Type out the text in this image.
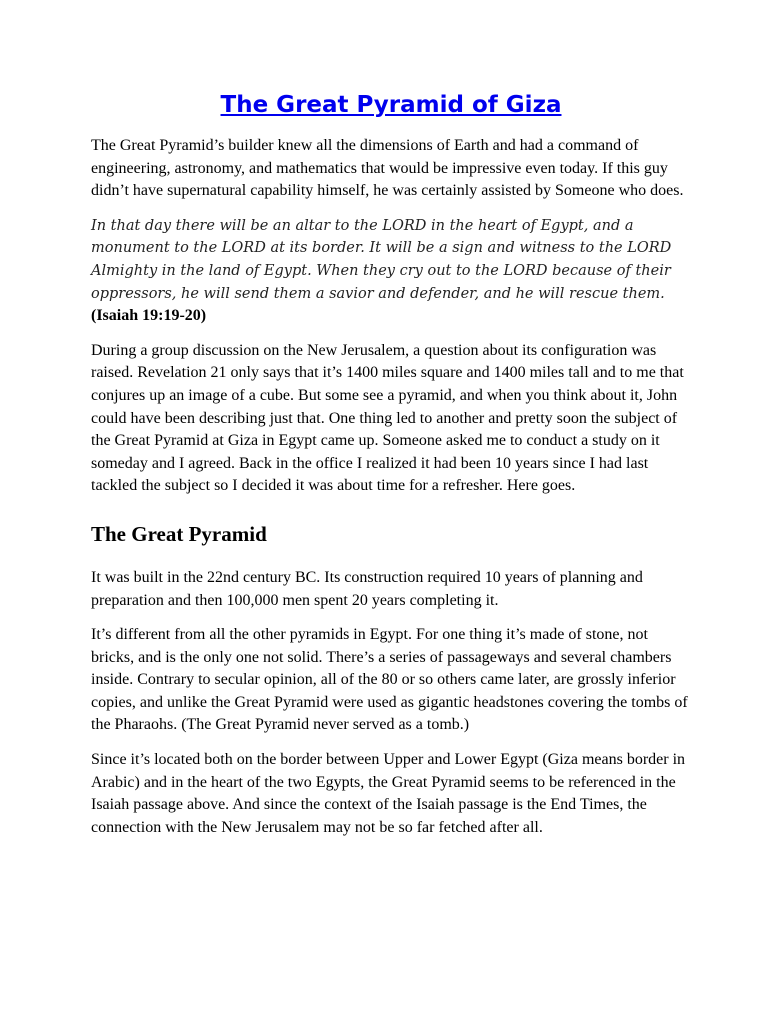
The Great Pyramid of Giza

The Great Pyramid’s builder knew all the dimensions of Earth and had a command of engineering, astronomy, and mathematics that would be impressive even today. If this guy didn’t have supernatural capability himself, he was certainly assisted by Someone who does.

In that day there will be an altar to the LORD in the heart of Egypt, and a monument to the LORD at its border. It will be a sign and witness to the LORD Almighty in the land of Egypt. When they cry out to the LORD because of their oppressors, he will send them a savior and defender, and he will rescue them.

(Isaiah 19:19-20)

During a group discussion on the New Jerusalem, a question about its configuration was raised. Revelation 21 only says that it’s 1400 miles square and 1400 miles tall and to me that conjures up an image of a cube. But some see a pyramid, and when you think about it, John could have been describing just that. One thing led to another and pretty soon the subject of the Great Pyramid at Giza in Egypt came up. Someone asked me to conduct a study on it someday and I agreed. Back in the office I realized it had been 10 years since I had last tackled the subject so I decided it was about time for a refresher. Here goes.

The Great Pyramid

It was built in the 22nd century BC. Its construction required 10 years of planning and preparation and then 100,000 men spent 20 years completing it.

It’s different from all the other pyramids in Egypt. For one thing it’s made of stone, not bricks, and is the only one not solid. There’s a series of passageways and several chambers inside. Contrary to secular opinion, all of the 80 or so others came later, are grossly inferior copies, and unlike the Great Pyramid were used as gigantic headstones covering the tombs of the Pharaohs. (The Great Pyramid never served as a tomb.)

Since it’s located both on the border between Upper and Lower Egypt (Giza means border in Arabic) and in the heart of the two Egypts, the Great Pyramid seems to be referenced in the Isaiah passage above. And since the context of the Isaiah passage is the End Times, the connection with the New Jerusalem may not be so far fetched after all.
